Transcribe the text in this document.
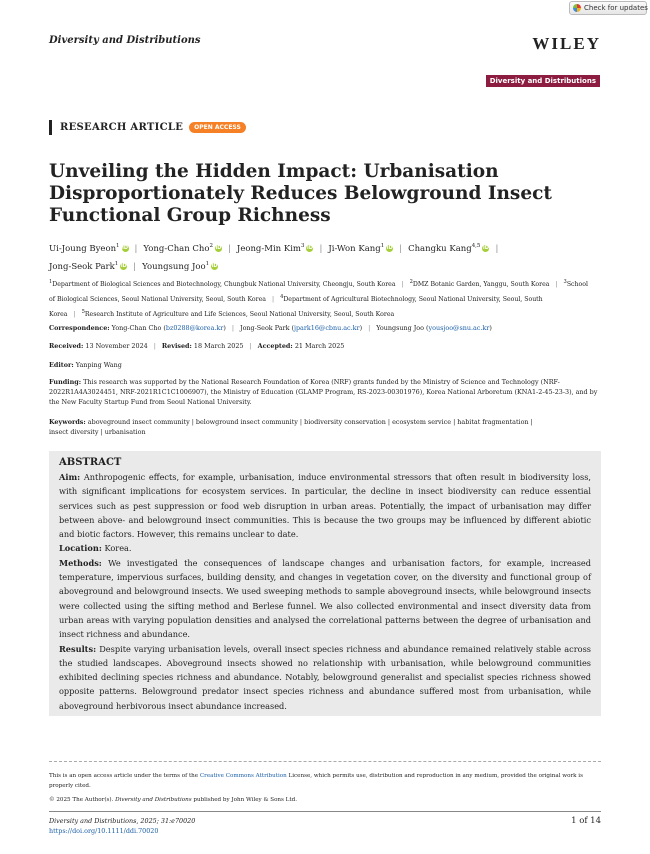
Check for updates
Diversity and Distributions	WILEY
Diversity and Distributions
RESEARCH ARTICLE	OPEN ACCESS
Unveiling the Hidden Impact: Urbanisation Disproportionately Reduces Belowground Insect Functional Group Richness
Ui-Joung Byeon$^1$ iD | Yong-Chan Cho$^2$ iD | Jeong-Min Kim$^3$ iD | Ji-Won Kang$^1$ iD | Changku Kang$^{4,5}$ iD |
Jong-Seok Park$^1$ iD | Youngsung Joo$^1$ iD
$^1$Department of Biological Sciences and Biotechnology, Chungbuk National University, Cheongju, South Korea | $^2$DMZ Botanic Garden, Yanggu, South Korea | $^3$School of Biological Sciences, Seoul National University, Seoul, South Korea | $^4$Department of Agricultural Biotechnology, Seoul National University, Seoul, South Korea | $^5$Research Institute of Agriculture and Life Sciences, Seoul National University, Seoul, South Korea
Correspondence: Yong-Chan Cho (bz0288@korea.kr) | Jong-Seok Park (jpark16@cbnu.ac.kr) | Youngsung Joo (yousjoo@snu.ac.kr)
Received: 13 November 2024 | Revised: 18 March 2025 | Accepted: 21 March 2025
Editor: Yanping Wang
Funding: This research was supported by the National Research Foundation of Korea (NRF) grants funded by the Ministry of Science and Technology (NRF-2022R1A4A3024451, NRF-2021R1C1C1006907), the Ministry of Education (GLAMP Program, RS-2023-00301976), Korea National Arboretum (KNA1-2-45-23-3), and by the New Faculty Startup Fund from Seoul National University.
Keywords: aboveground insect community | belowground insect community | biodiversity conservation | ecosystem service | habitat fragmentation |
insect diversity | urbanisation
ABSTRACT

Aim: Anthropogenic effects, for example, urbanisation, induce environmental stressors that often result in biodiversity loss, with significant implications for ecosystem services. In particular, the decline in insect biodiversity can reduce essential services such as pest suppression or food web disruption in urban areas. Potentially, the impact of urbanisation may differ between above- and belowground insect communities. This is because the two groups may be influenced by different abiotic and biotic factors. However, this remains unclear to date.

Location: Korea.

Methods: We investigated the consequences of landscape changes and urbanisation factors, for example, increased temperature, impervious surfaces, building density, and changes in vegetation cover, on the diversity and functional group of aboveground and belowground insects. We used sweeping methods to sample aboveground insects, while belowground insects were collected using the sifting method and Berlese funnel. We also collected environmental and insect diversity data from urban areas with varying population densities and analysed the correlational patterns between the degree of urbanisation and insect richness and abundance.

Results: Despite varying urbanisation levels, overall insect species richness and abundance remained relatively stable across the studied landscapes. Aboveground insects showed no relationship with urbanisation, while belowground communities exhibited declining species richness and abundance. Notably, belowground generalist and specialist species richness showed opposite patterns. Belowground predator insect species richness and abundance suffered most from urbanisation, while aboveground herbivorous insect abundance increased.

This is an open access article under the terms of the Creative Commons Attribution License, which permits use, distribution and reproduction in any medium, provided the original work is properly cited.
© 2025 The Author(s). Diversity and Distributions published by John Wiley & Sons Ltd.
Diversity and Distributions, 2025; 31:e70020
https://doi.org/10.1111/ddi.70020
1 of 14
